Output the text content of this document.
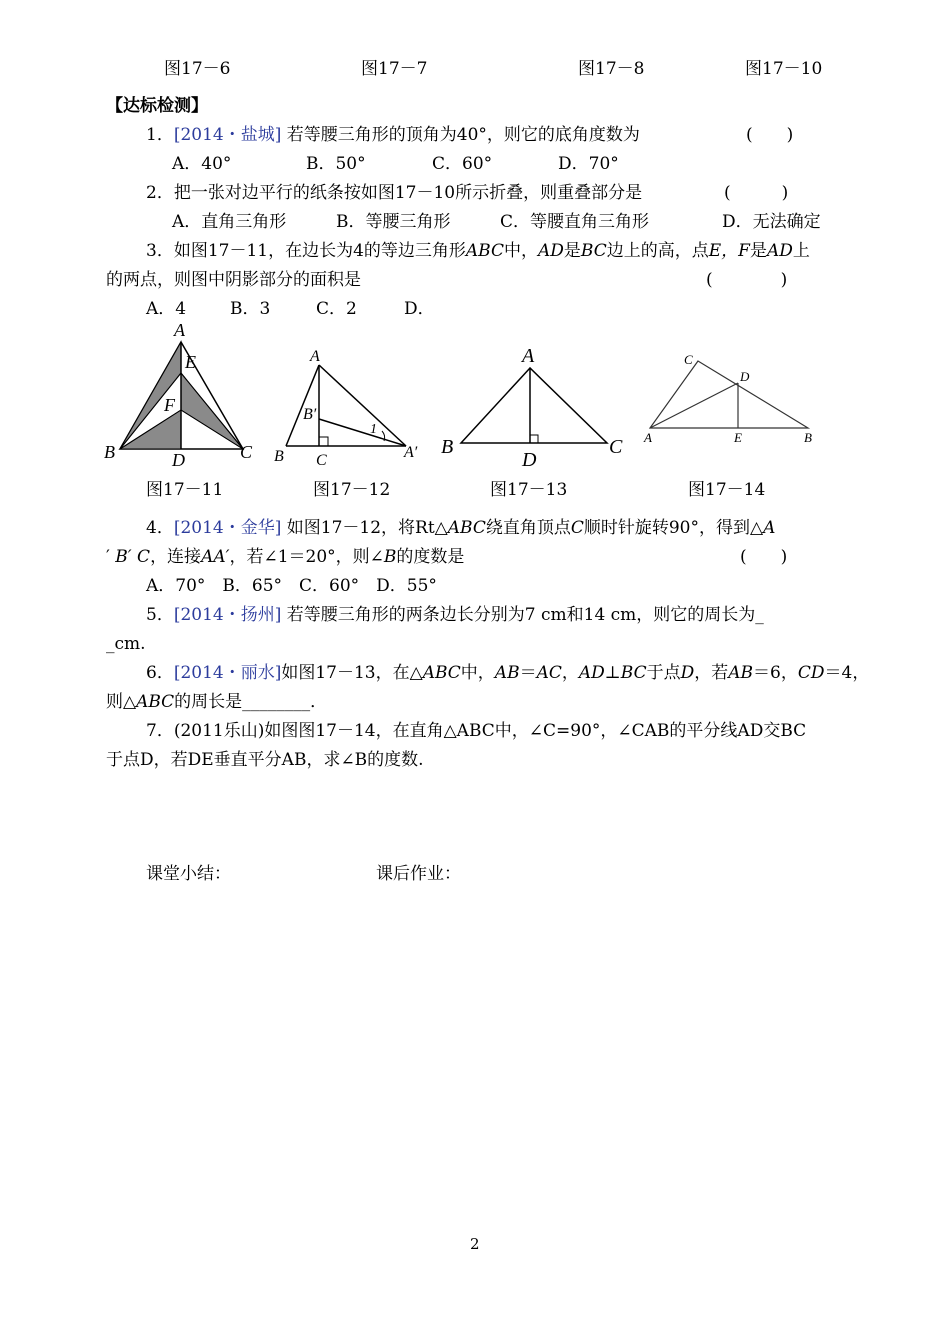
图17－6	图17－7	图17－8	图17－10
【达标检测】
1．[2014・盐城] 若等腰三角形的顶角为40°，则它的底角度数为	(　　)
A．40°	B．50°	C．60°	D．70°
2．把一张对边平行的纸条按如图17－10所示折叠，则重叠部分是	(　　　)
A．直角三角形	B．等腰三角形	C．等腰直角三角形	D．无法确定
3．如图17－11，在边长为4的等边三角形ABC中，AD是BC边上的高，点E，F是AD上
的两点，则图中阴影部分的面积是	(　　　　)
A．4	B．3	C．2	D．
A
E
F
B	D	C
A
B′
1
B C	A′
A
B
D
C
C
D
A	E	B
图17－11	图17－12	图17－13	图17－14
4．[2014・金华] 如图17－12，将Rt△ABC绕直角顶点C顺时针旋转90°，得到△A
′ B′ C，连接AA′，若∠1＝20°，则∠B的度数是	(　　)
A．70°　B．65°　C．60°　D．55°
5．[2014・扬州] 若等腰三角形的两条边长分别为7 cm和14 cm，则它的周长为_
_cm.
6．[2014・丽水]如图17－13，在△ABC中，AB＝AC，AD⊥BC于点D，若AB＝6，CD＝4，
则△ABC的周长是________．
7．(2011乐山)如图图17－14，在直角△ABC中，∠C=90°，∠CAB的平分线AD交BC
于点D，若DE垂直平分AB，求∠B的度数.
课堂小结：	课后作业：
2
